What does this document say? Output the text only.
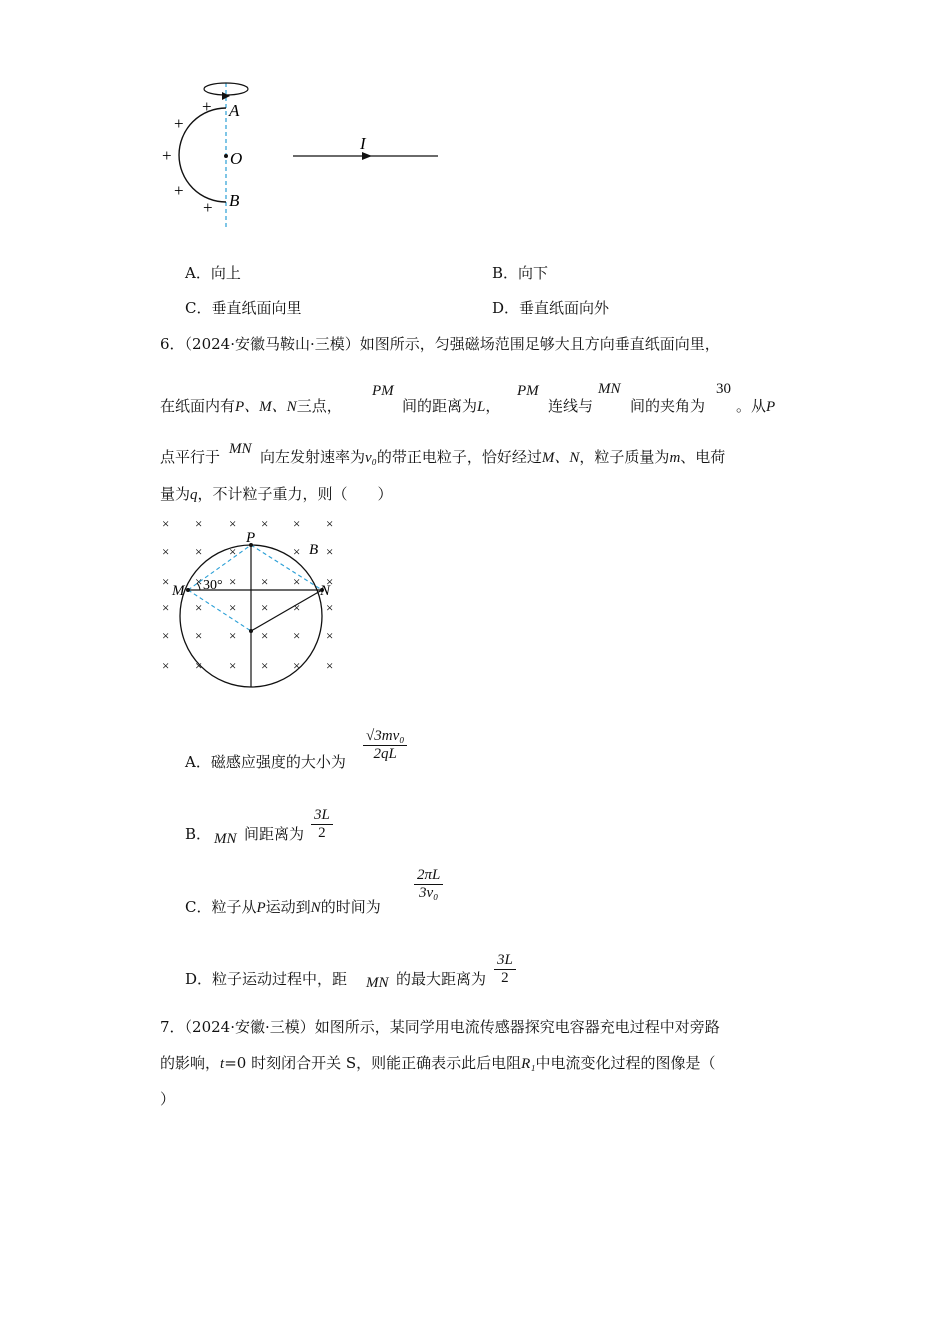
+
+
+
+
+
A
O
B
I
A．向上	B．向下
C．垂直纸面向里	D．垂直纸面向外
6．（2024·安徽马鞍山·三模）如图所示，匀强磁场范围足够大且方向垂直纸面向里，
在纸面内有P、M、N三点，
PM
间的距离为L，
PM
连线与
MN
间的夹角为
30
。从P
点平行于 MN 向左发射速率为v₀的带正电粒子，恰好经过M、N，粒子质量为m、电荷
量为q，不计粒子重力，则（　　）
× × × × × ×
× × ×	× ×
× × × × × ×
× × × × × ×
× × × × × ×
× × × × × ×
P
B
M	N
30°
A．磁感应强度的大小为
√3mv₀
2qL
B． MN 间距离为
3L
2
C．粒子从P运动到N的时间为
2πL
3v₀
D．粒子运动过程中，距 MN 的最大距离为
3L
2
7．（2024·安徽·三模）如图所示，某同学用电流传感器探究电容器充电过程中对旁路
的影响，t=0 时刻闭合开关 S，则能正确表示此后电阻R₁中电流变化过程的图像是（
）
